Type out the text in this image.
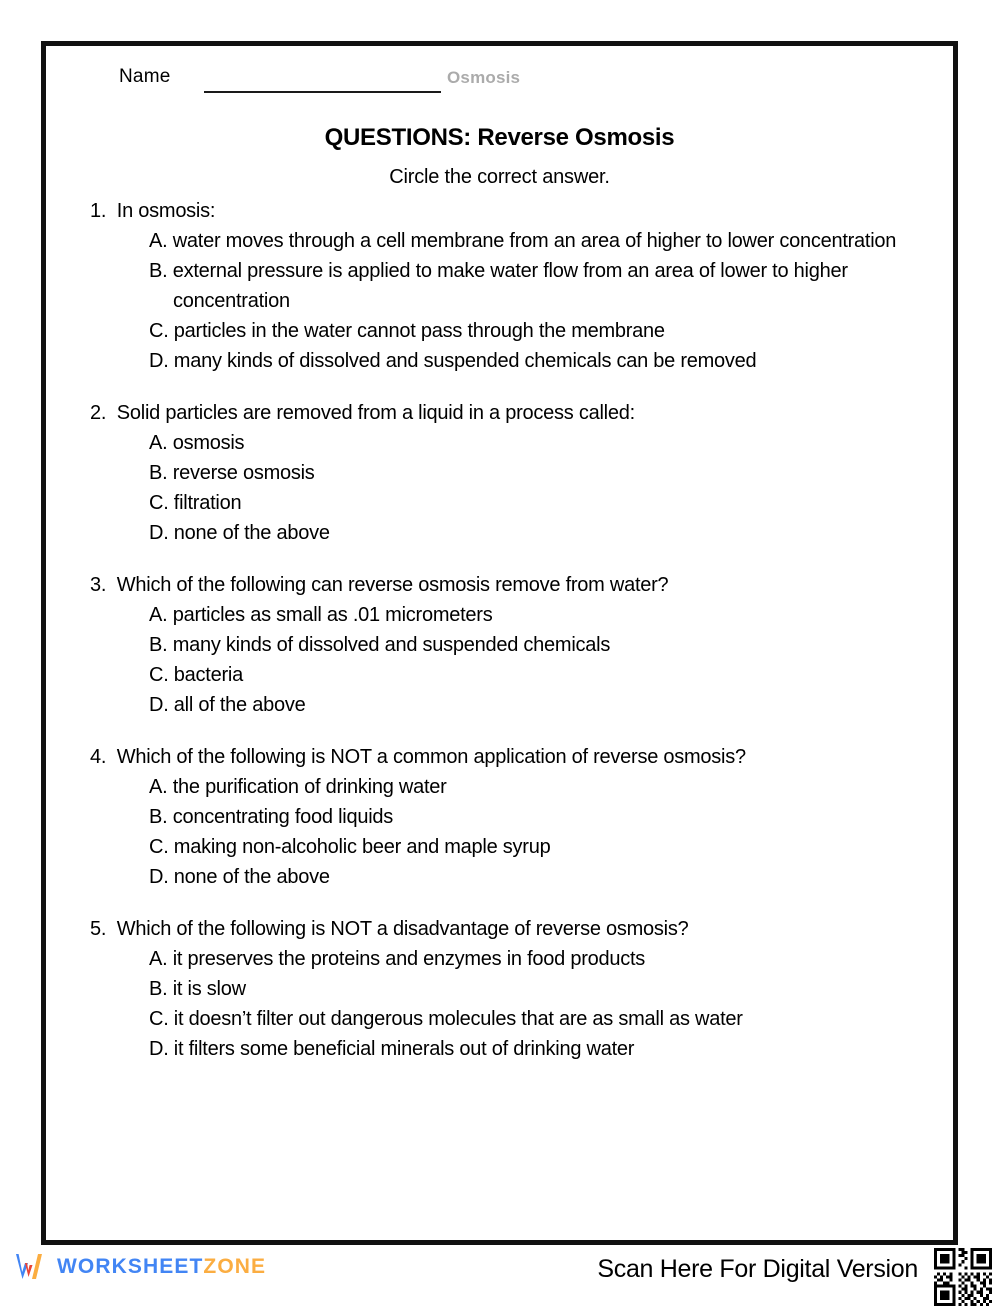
Name	Osmosis
QUESTIONS: Reverse Osmosis
Circle the correct answer.
1.  In osmosis:
A. water moves through a cell membrane from an area of higher to lower concentration
B. external pressure is applied to make water flow from an area of lower to higher concentration
C. particles in the water cannot pass through the membrane
D. many kinds of dissolved and suspended chemicals can be removed
2.  Solid particles are removed from a liquid in a process called:
A. osmosis
B. reverse osmosis
C. filtration
D. none of the above
3.  Which of the following can reverse osmosis remove from water?
A. particles as small as .01 micrometers
B. many kinds of dissolved and suspended chemicals
C. bacteria
D. all of the above
4.  Which of the following is NOT a common application of reverse osmosis?
A. the purification of drinking water
B. concentrating food liquids
C. making non-alcoholic beer and maple syrup
D. none of the above
5.  Which of the following is NOT a disadvantage of reverse osmosis?
A. it preserves the proteins and enzymes in food products
B. it is slow
C. it doesn’t filter out dangerous molecules that are as small as water
D. it filters some beneficial minerals out of drinking water
WORKSHEETZONE	Scan Here For Digital Version
